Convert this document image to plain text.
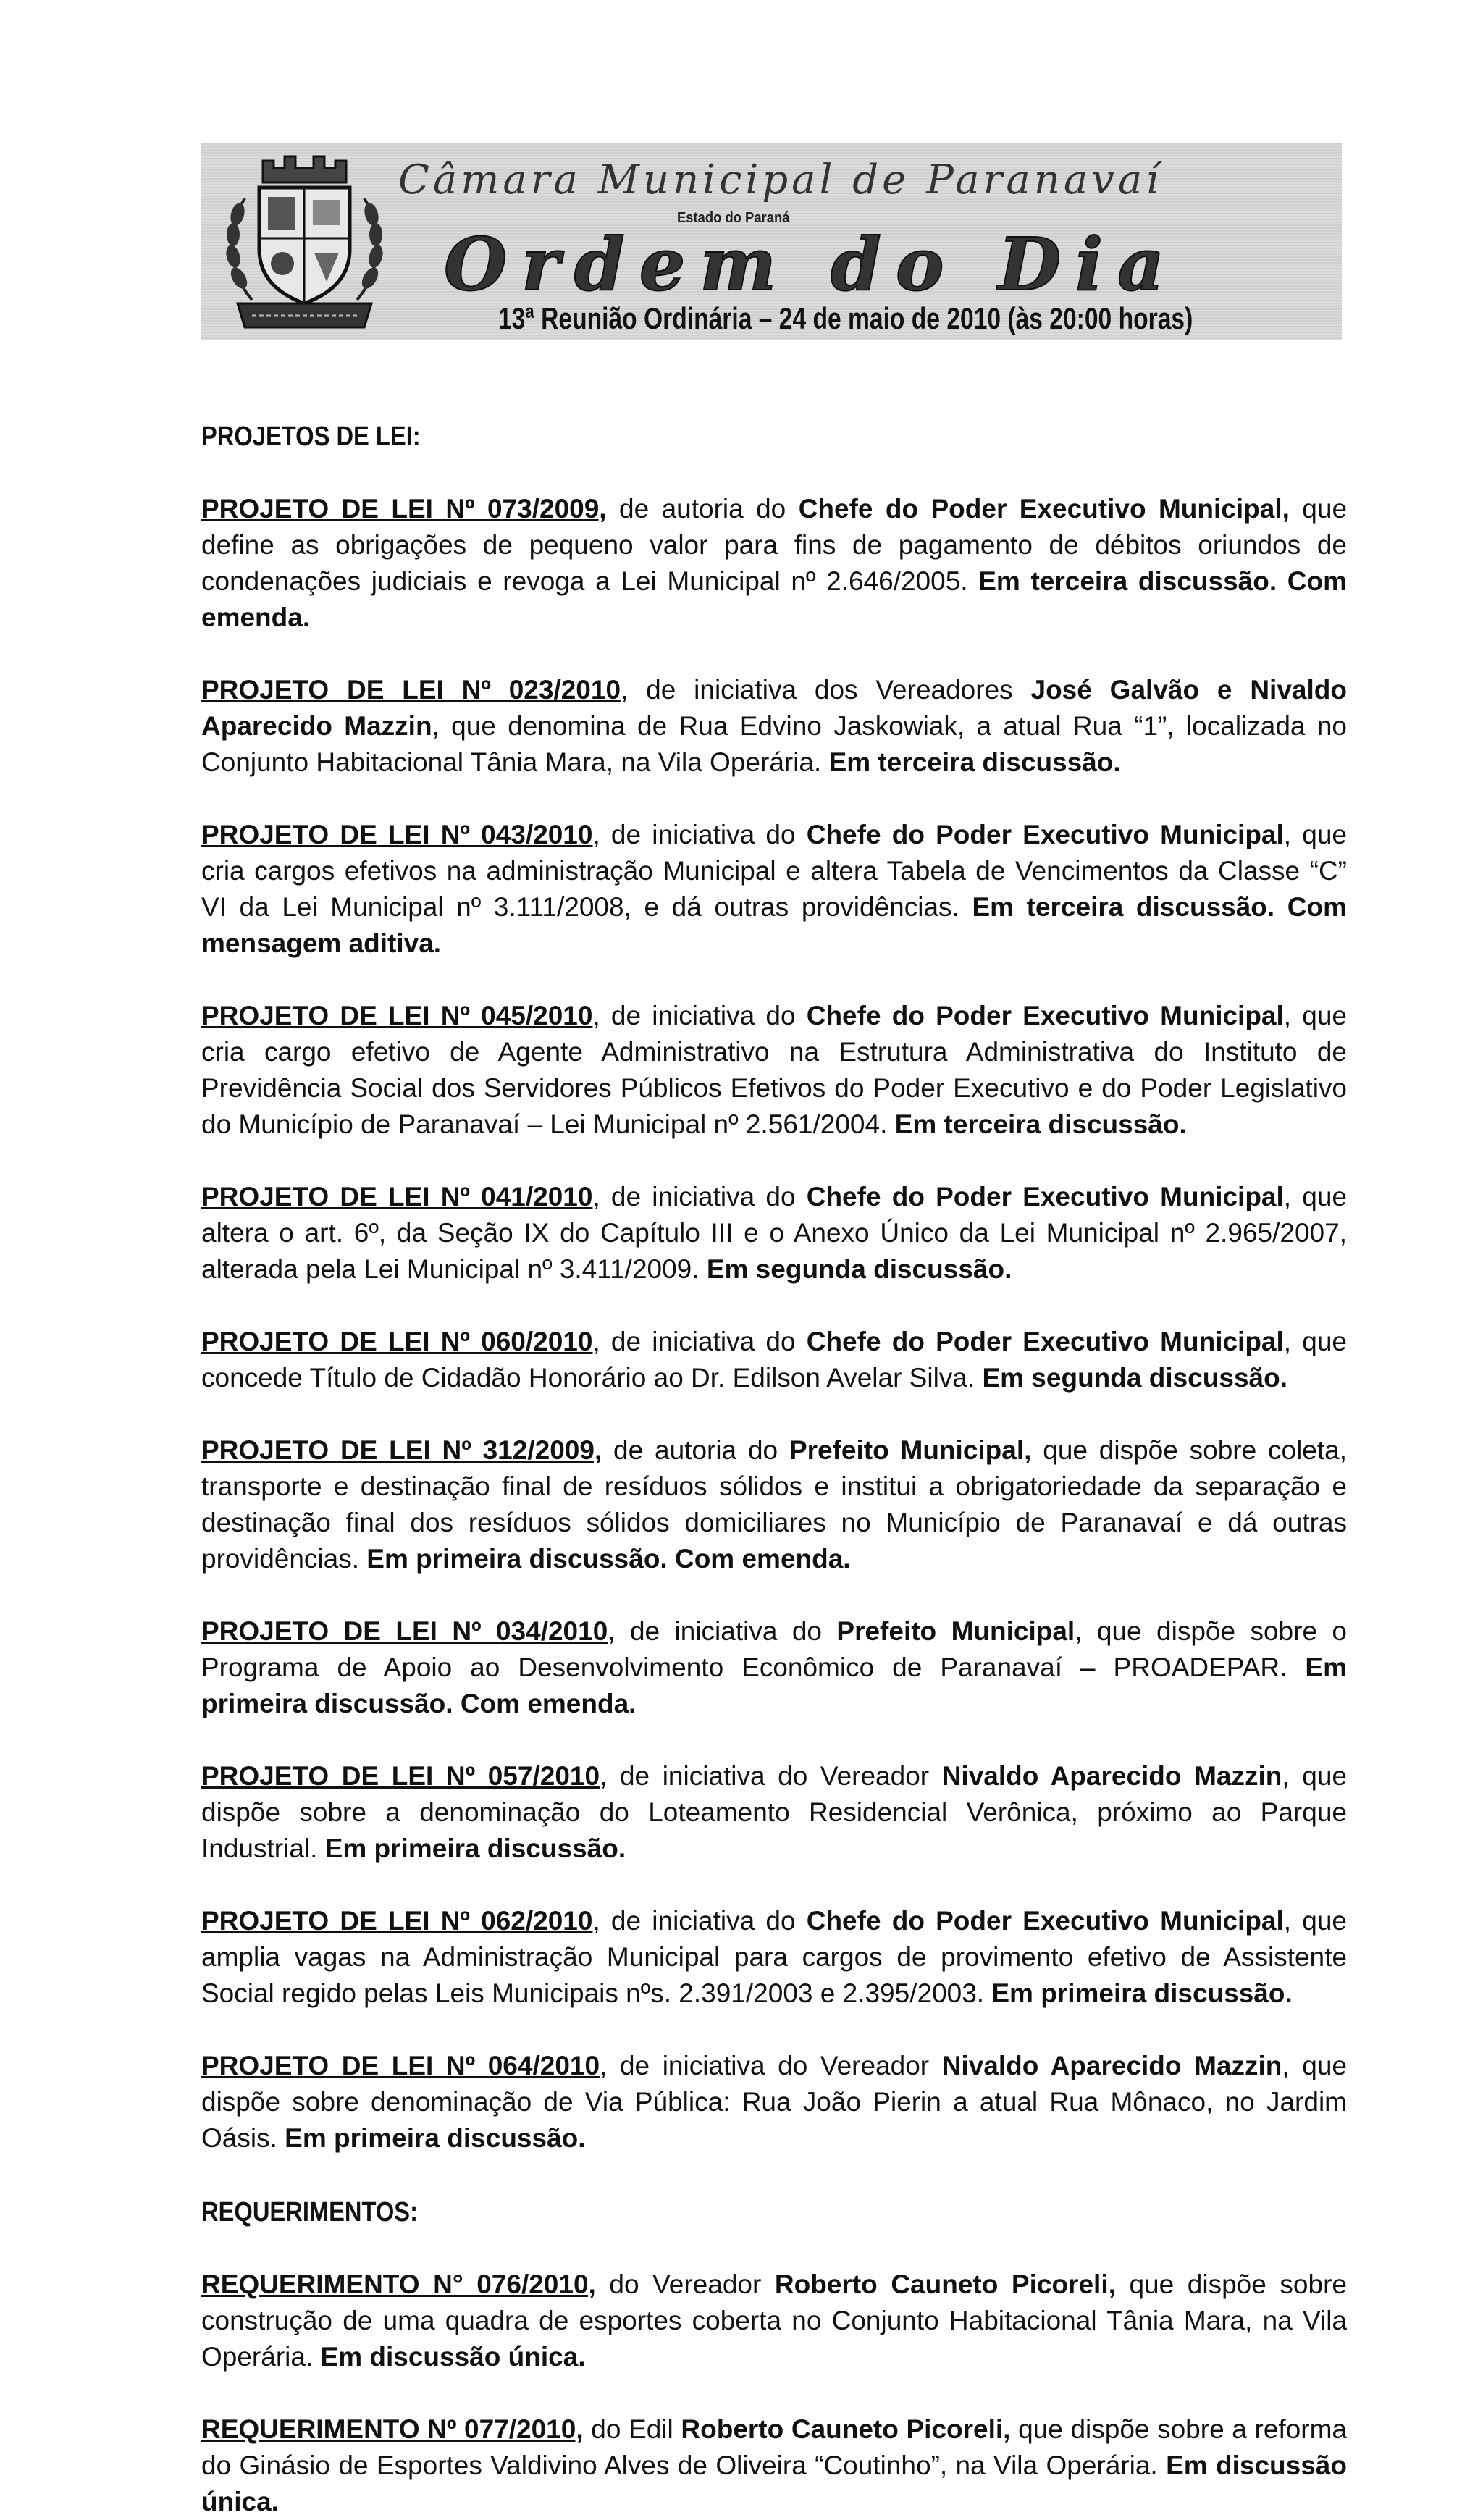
Câmara Municipal de Paranavaí
Estado do Paraná
Ordem do Dia
13ª Reunião Ordinária – 24 de maio de 2010 (às 20:00 horas)
PROJETOS DE LEI:

PROJETO DE LEI Nº 073/2009, de autoria do Chefe do Poder Executivo Municipal, que define as obrigações de pequeno valor para fins de pagamento de débitos oriundos de condenações judiciais e revoga a Lei Municipal nº 2.646/2005. Em terceira discussão. Com emenda.

PROJETO DE LEI Nº 023/2010, de iniciativa dos Vereadores José Galvão e Nivaldo Aparecido Mazzin, que denomina de Rua Edvino Jaskowiak, a atual Rua “1”, localizada no Conjunto Habitacional Tânia Mara, na Vila Operária. Em terceira discussão.

PROJETO DE LEI Nº 043/2010, de iniciativa do Chefe do Poder Executivo Municipal, que cria cargos efetivos na administração Municipal e altera Tabela de Vencimentos da Classe “C” VI da Lei Municipal nº 3.111/2008, e dá outras providências. Em terceira discussão. Com mensagem aditiva.

PROJETO DE LEI Nº 045/2010, de iniciativa do Chefe do Poder Executivo Municipal, que cria cargo efetivo de Agente Administrativo na Estrutura Administrativa do Instituto de Previdência Social dos Servidores Públicos Efetivos do Poder Executivo e do Poder Legislativo do Município de Paranavaí – Lei Municipal nº 2.561/2004. Em terceira discussão.

PROJETO DE LEI Nº 041/2010, de iniciativa do Chefe do Poder Executivo Municipal, que altera o art. 6º, da Seção IX do Capítulo III e o Anexo Único da Lei Municipal nº 2.965/2007, alterada pela Lei Municipal nº 3.411/2009. Em segunda discussão.

PROJETO DE LEI Nº 060/2010, de iniciativa do Chefe do Poder Executivo Municipal, que concede Título de Cidadão Honorário ao Dr. Edilson Avelar Silva. Em segunda discussão.

PROJETO DE LEI Nº 312/2009, de autoria do Prefeito Municipal, que dispõe sobre coleta, transporte e destinação final de resíduos sólidos e institui a obrigatoriedade da separação e destinação final dos resíduos sólidos domiciliares no Município de Paranavaí e dá outras providências. Em primeira discussão. Com emenda.

PROJETO DE LEI Nº 034/2010, de iniciativa do Prefeito Municipal, que dispõe sobre o Programa de Apoio ao Desenvolvimento Econômico de Paranavaí – PROADEPAR. Em primeira discussão. Com emenda.

PROJETO DE LEI Nº 057/2010, de iniciativa do Vereador Nivaldo Aparecido Mazzin, que dispõe sobre a denominação do Loteamento Residencial Verônica, próximo ao Parque Industrial. Em primeira discussão.

PROJETO DE LEI Nº 062/2010, de iniciativa do Chefe do Poder Executivo Municipal, que amplia vagas na Administração Municipal para cargos de provimento efetivo de Assistente Social regido pelas Leis Municipais nºs. 2.391/2003 e 2.395/2003. Em primeira discussão.

PROJETO DE LEI Nº 064/2010, de iniciativa do Vereador Nivaldo Aparecido Mazzin, que dispõe sobre denominação de Via Pública: Rua João Pierin a atual Rua Mônaco, no Jardim Oásis. Em primeira discussão.

REQUERIMENTOS:

REQUERIMENTO N° 076/2010, do Vereador Roberto Cauneto Picoreli, que dispõe sobre construção de uma quadra de esportes coberta no Conjunto Habitacional Tânia Mara, na Vila Operária. Em discussão única.

REQUERIMENTO Nº 077/2010, do Edil Roberto Cauneto Picoreli, que dispõe sobre a reforma do Ginásio de Esportes Valdivino Alves de Oliveira “Coutinho”, na Vila Operária. Em discussão única.
